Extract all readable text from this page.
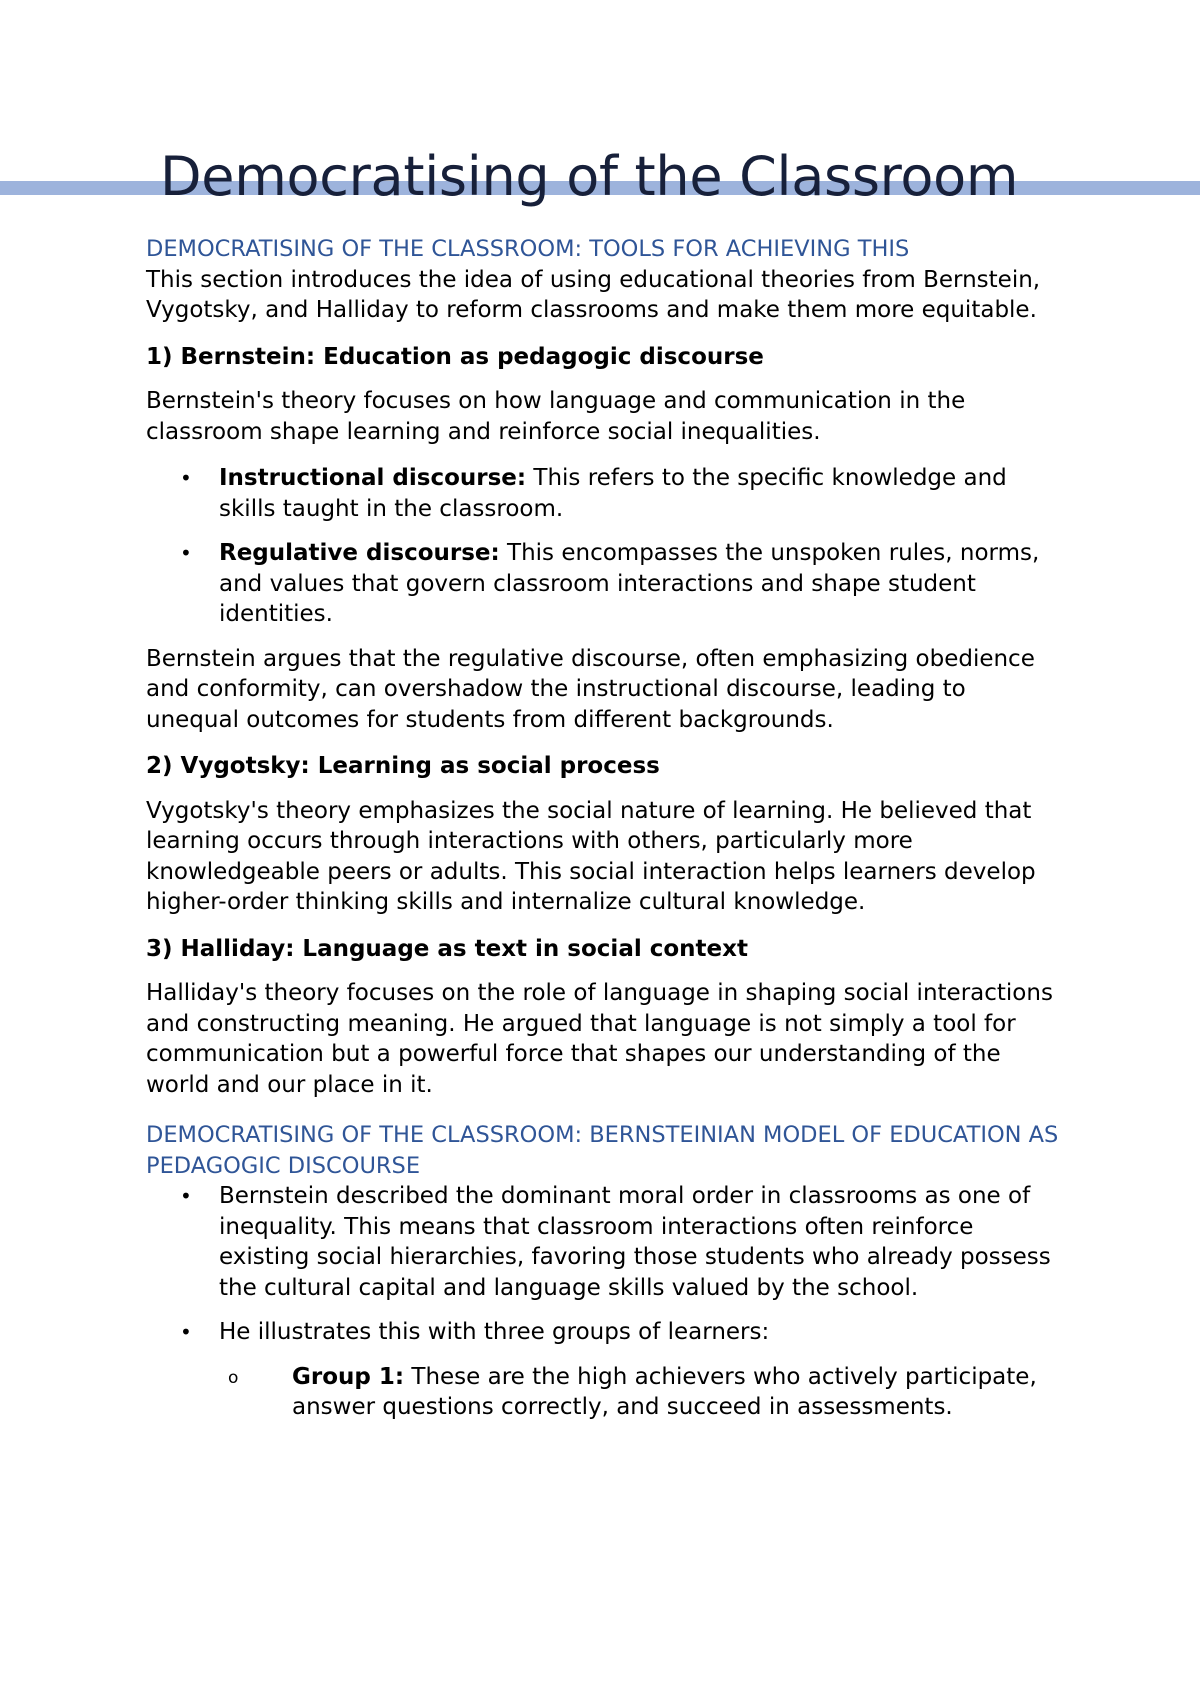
Democratising of the Classroom

DEMOCRATISING OF THE CLASSROOM: TOOLS FOR ACHIEVING THIS

This section introduces the idea of using educational theories from Bernstein, Vygotsky, and Halliday to reform classrooms and make them more equitable.

1) Bernstein: Education as pedagogic discourse

Bernstein's theory focuses on how language and communication in the classroom shape learning and reinforce social inequalities.

• Instructional discourse: This refers to the specific knowledge and skills taught in the classroom.
• Regulative discourse: This encompasses the unspoken rules, norms, and values that govern classroom interactions and shape student identities.

Bernstein argues that the regulative discourse, often emphasizing obedience and conformity, can overshadow the instructional discourse, leading to unequal outcomes for students from different backgrounds.

2) Vygotsky: Learning as social process

Vygotsky's theory emphasizes the social nature of learning. He believed that learning occurs through interactions with others, particularly more knowledgeable peers or adults. This social interaction helps learners develop higher-order thinking skills and internalize cultural knowledge.

3) Halliday: Language as text in social context

Halliday's theory focuses on the role of language in shaping social interactions and constructing meaning. He argued that language is not simply a tool for communication but a powerful force that shapes our understanding of the world and our place in it.

DEMOCRATISING OF THE CLASSROOM: BERNSTEINIAN MODEL OF EDUCATION AS PEDAGOGIC DISCOURSE

• Bernstein described the dominant moral order in classrooms as one of inequality. This means that classroom interactions often reinforce existing social hierarchies, favoring those students who already possess the cultural capital and language skills valued by the school.
• He illustrates this with three groups of learners:
o Group 1: These are the high achievers who actively participate, answer questions correctly, and succeed in assessments.
